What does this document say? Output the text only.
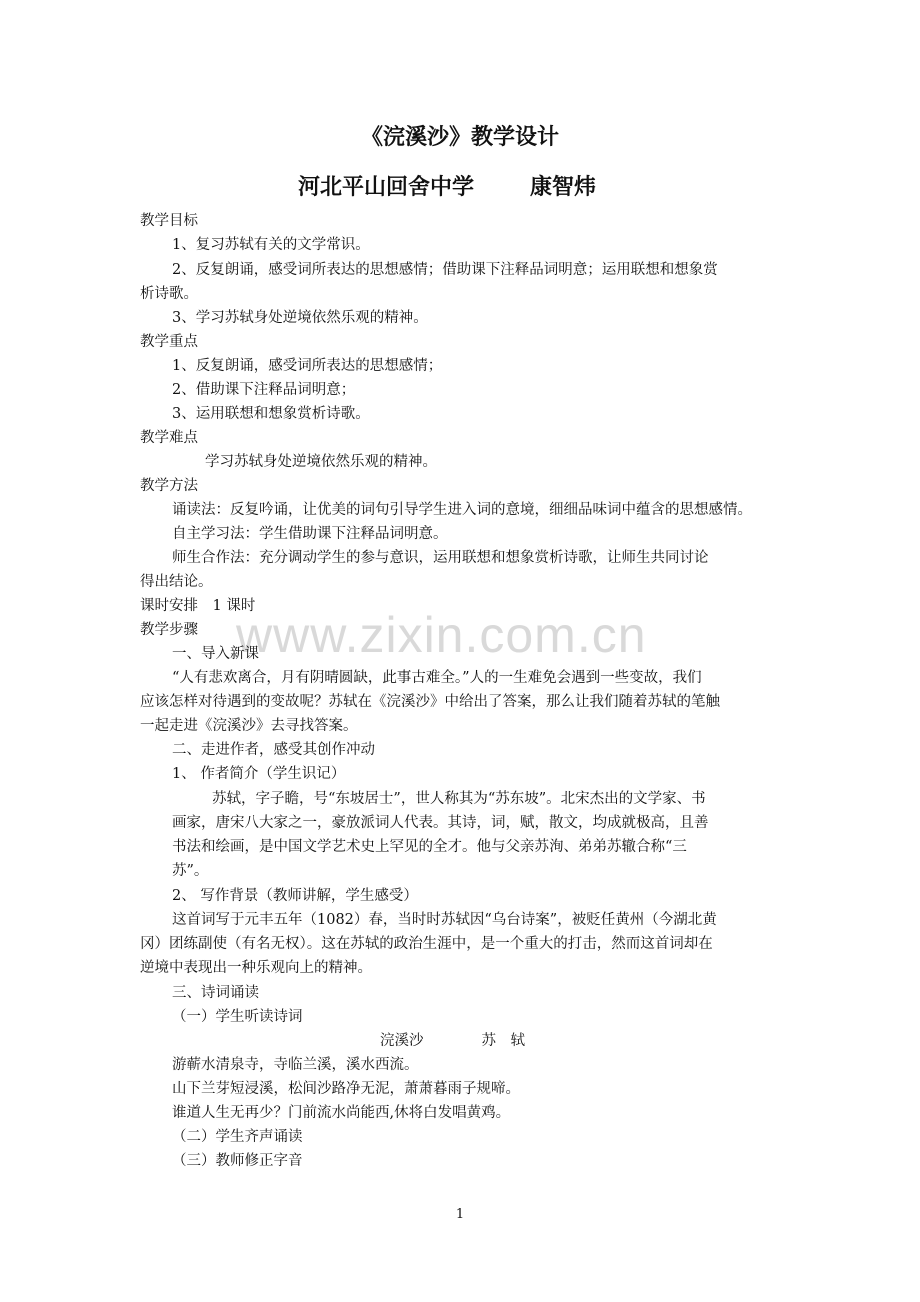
《浣溪沙》教学设计
河北平山回舍中学	康智炜
www.zixin.com.cn
教学目标
1、复习苏轼有关的文学常识。
2、反复朗诵，感受词所表达的思想感情；借助课下注释品词明意；运用联想和想象赏
析诗歌。
3、学习苏轼身处逆境依然乐观的精神。
教学重点
1、反复朗诵，感受词所表达的思想感情；
2、借助课下注释品词明意；
3、运用联想和想象赏析诗歌。
教学难点
学习苏轼身处逆境依然乐观的精神。
教学方法
诵读法：反复吟诵，让优美的词句引导学生进入词的意境，细细品味词中蕴含的思想感情。
自主学习法：学生借助课下注释品词明意。
师生合作法：充分调动学生的参与意识，运用联想和想象赏析诗歌，让师生共同讨论
得出结论。
课时安排　1 课时
教学步骤
一、导入新课
“人有悲欢离合，月有阴晴圆缺，此事古难全。”人的一生难免会遇到一些变故，我们
应该怎样对待遇到的变故呢？苏轼在《浣溪沙》中给出了答案，那么让我们随着苏轼的笔触
一起走进《浣溪沙》去寻找答案。
二、走进作者，感受其创作冲动
1、 作者简介（学生识记）
苏轼，字子瞻，号“东坡居士”，世人称其为“苏东坡”。北宋杰出的文学家、书
画家，唐宋八大家之一，豪放派词人代表。其诗，词，赋，散文，均成就极高，且善
书法和绘画，是中国文学艺术史上罕见的全才。他与父亲苏洵、弟弟苏辙合称“三
苏”。
2、 写作背景（教师讲解，学生感受）
这首词写于元丰五年（1082）春，当时时苏轼因“乌台诗案”，被贬任黄州（今湖北黄
冈）团练副使（有名无权）。这在苏轼的政治生涯中，是一个重大的打击，然而这首词却在
逆境中表现出一种乐观向上的精神。
三、诗词诵读
（一）学生听读诗词
浣溪沙　　　　苏　轼
游蕲水清泉寺，寺临兰溪，溪水西流。
山下兰芽短浸溪，松间沙路净无泥，萧萧暮雨子规啼。
谁道人生无再少？门前流水尚能西,休将白发唱黄鸡。
（二）学生齐声诵读
（三）教师修正字音
1
